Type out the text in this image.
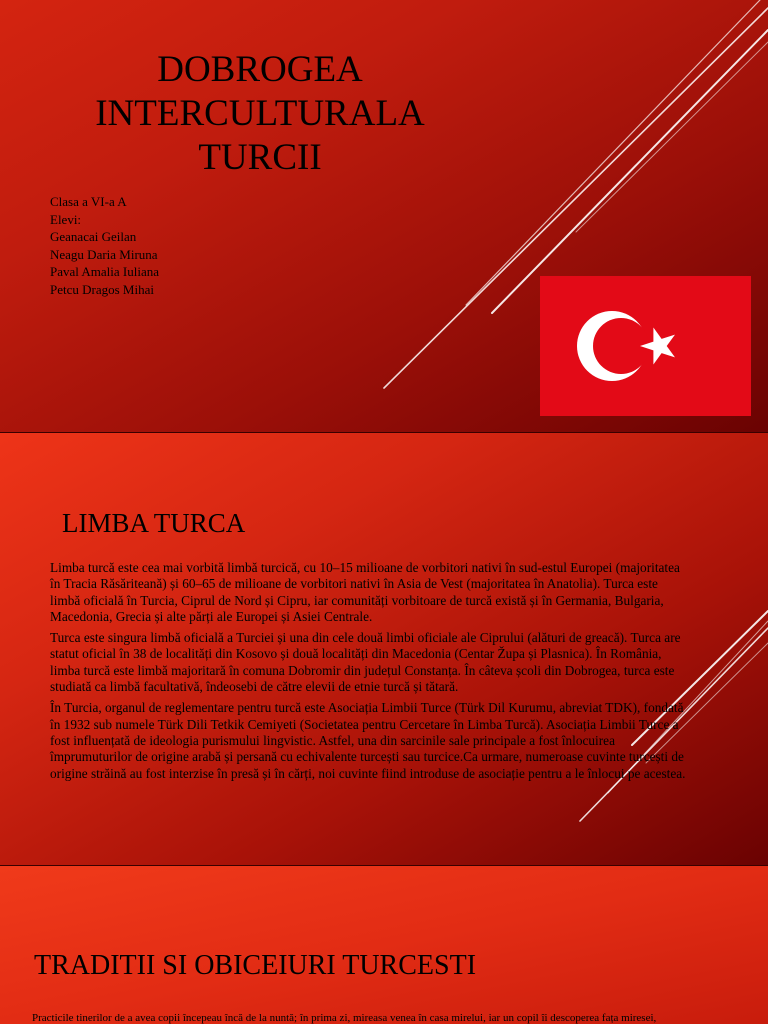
DOBROGEA
INTERCULTURALA
TURCII
Clasa a VI-a A
Elevi:
Geanacai Geilan
Neagu Daria Miruna
Paval Amalia Iuliana
Petcu Dragos Mihai
LIMBA TURCA

Limba turcă este cea mai vorbită limbă turcică, cu 10–15 milioane de vorbitori nativi în sud-estul Europei (majoritatea în Tracia Răsăriteană) și 60–65 de milioane de vorbitori nativi în Asia de Vest (majoritatea în Anatolia). Turca este limbă oficială în Turcia, Ciprul de Nord și Cipru, iar comunități vorbitoare de turcă există și în Germania, Bulgaria, Macedonia, Grecia și alte părți ale Europei și Asiei Centrale.

Turca este singura limbă oficială a Turciei și una din cele două limbi oficiale ale Ciprului (alături de greacă). Turca are statut oficial în 38 de localități din Kosovo și două localități din Macedonia (Centar Župa și Plasnica). În România, limba turcă este limbă majoritară în comuna Dobromir din județul Constanța. În câteva școli din Dobrogea, turca este studiată ca limbă facultativă, îndeosebi de către elevii de etnie turcă și tătară.

În Turcia, organul de reglementare pentru turcă este Asociația Limbii Turce (Türk Dil Kurumu, abreviat TDK), fondată în 1932 sub numele Türk Dili Tetkik Cemiyeti (Societatea pentru Cercetare în Limba Turcă). Asociația Limbii Turce a fost influențată de ideologia purismului lingvistic. Astfel, una din sarcinile sale principale a fost înlocuirea împrumuturilor de origine arabă și persană cu echivalente turcești sau turcice.Ca urmare, numeroase cuvinte turcești de origine străină au fost interzise în presă și în cărți, noi cuvinte fiind introduse de asociație pentru a le înlocui pe acestea.

TRADITII SI OBICEIURI TURCESTI

Practicile tinerilor de a avea copii începeau încă de la nuntă; în prima zi, mireasa venea în casa mirelui, iar un copil îi descoperea fața miresei,
